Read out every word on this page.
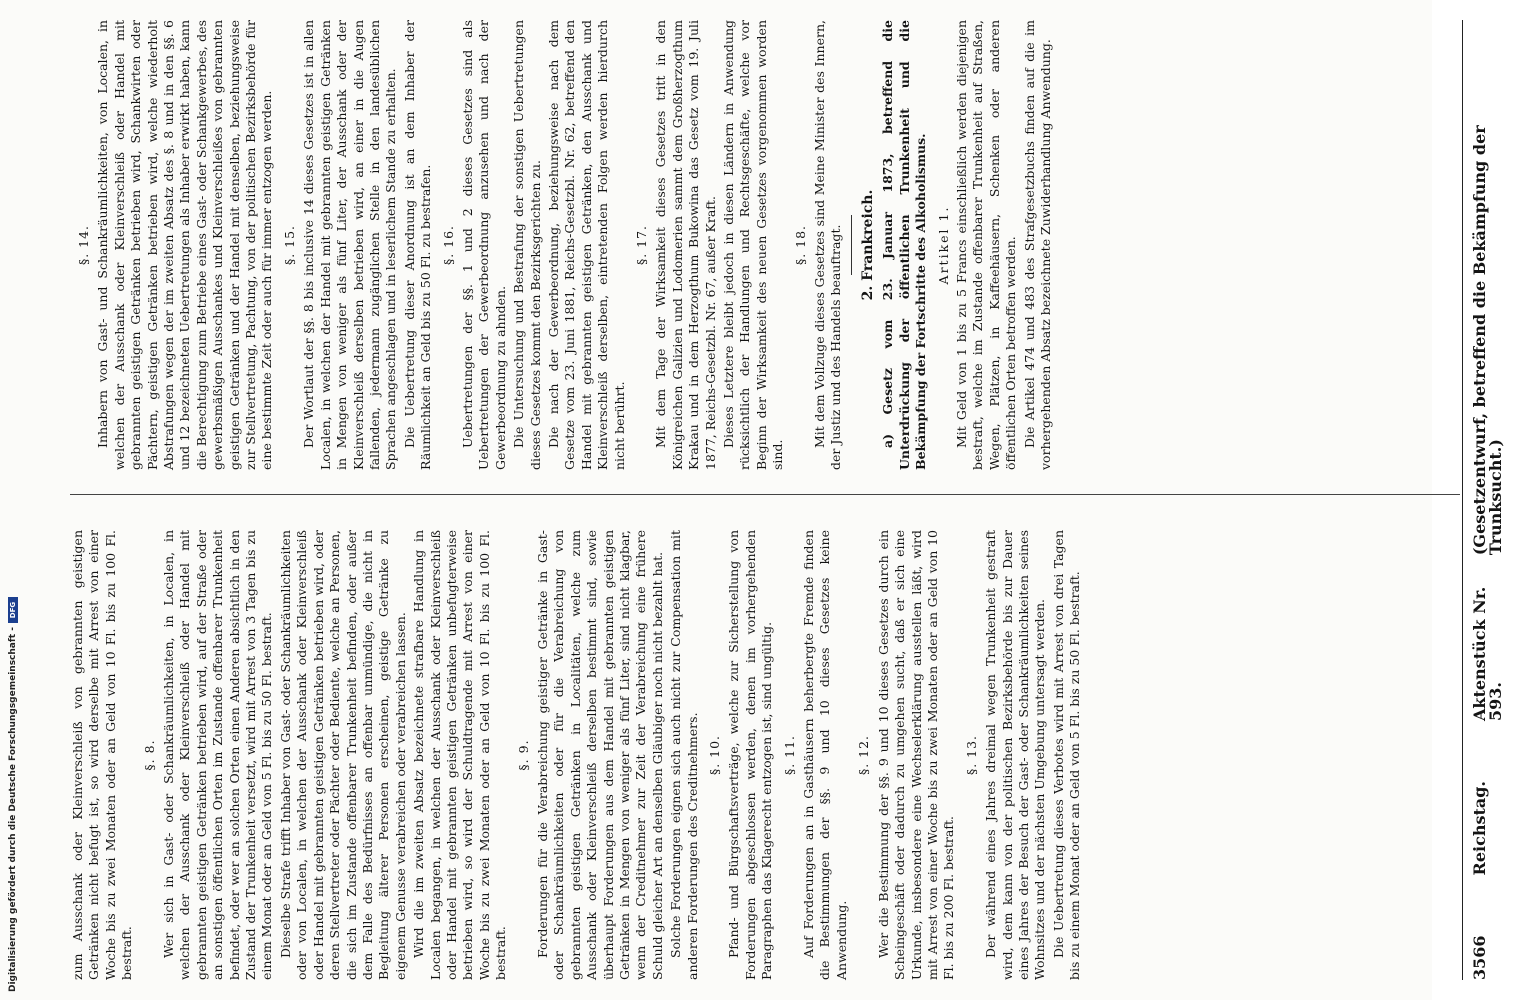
3566
Reichstag.
Aktenstück Nr. 593.
(Gesetzentwurf, betreffend die Bekämpfung der Trunksucht.)

zum Ausschank oder Kleinverschleiß von gebrannten geistigen Getränken nicht befugt ist, so wird derselbe mit Arrest von einer Woche bis zu zwei Monaten oder an Geld von 10 Fl. bis zu 100 Fl. bestraft.

§. 8. Wer sich in Gast- oder Schankräumlichkeiten, in Localen, in welchen der Ausschank oder Kleinverschleiß oder Handel mit gebrannten geistigen Getränken betrieben wird, auf der Straße oder an sonstigen öffentlichen Orten im Zustande offenbarer Trunkenheit befindet, oder wer an solchen Orten einen Anderen absichtlich in den Zustand der Trunkenheit versetzt, wird mit Arrest von 3 Tagen bis zu einem Monat oder an Geld von 5 Fl. bis zu 50 Fl. bestraft. Dieselbe Strafe trifft Inhaber von Gast- oder Schankräumlichkeiten oder von Localen, in welchen der Ausschank oder Kleinverschleiß oder Handel mit gebrannten geistigen Getränken betrieben wird, oder deren Stellvertreter oder Pächter oder Bediente, welche an Personen, die sich im Zustande offenbarer Trunkenheit befinden, oder außer dem Falle des Bedürfnisses an offenbar unmündige, die nicht in Begleitung älterer Personen erscheinen, geistige Getränke zu eigenem Genusse verabreichen oder verabreichen lassen. Wird die im zweiten Absatz bezeichnete strafbare Handlung in Localen begangen, in welchen der Ausschank oder Kleinverschleiß oder Handel mit gebrannten geistigen Getränken unbefugterweise betrieben wird, so wird der Schuldtragende mit Arrest von einer Woche bis zu zwei Monaten oder an Geld von 10 Fl. bis zu 100 Fl. bestraft.

§. 9. Forderungen für die Verabreichung geistiger Getränke in Gast- oder Schankräumlichkeiten oder für die Verabreichung von gebrannten geistigen Getränken in Localitäten, welche zum Ausschank oder Kleinverschleiß derselben bestimmt sind, sowie überhaupt Forderungen aus dem Handel mit gebrannten geistigen Getränken in Mengen von weniger als fünf Liter, sind nicht klagbar, wenn der Creditnehmer zur Zeit der Verabreichung eine frühere Schuld gleicher Art an denselben Gläubiger noch nicht bezahlt hat. Solche Forderungen eignen sich auch nicht zur Compensation mit anderen Forderungen des Creditnehmers. §. 10. Pfand- und Bürgschaftsverträge, welche zur Sicherstellung von Forderungen abgeschlossen werden, denen im vorhergehenden Paragraphen das Klagerecht entzogen ist, sind ungültig. §. 11. Auf Forderungen an in Gasthäusern beherbergte Fremde finden die Bestimmungen der §§. 9 und 10 dieses Gesetzes keine Anwendung.

§. 12. Wer die Bestimmung der §§. 9 und 10 dieses Gesetzes durch ein Scheingeschäft oder dadurch zu umgehen sucht, daß er sich eine Urkunde, insbesondere eine Wechselerklärung ausstellen läßt, wird mit Arrest von einer Woche bis zu zwei Monaten oder an Geld von 10 Fl. bis zu 200 Fl. bestraft.

§. 13. Der während eines Jahres dreimal wegen Trunkenheit gestraft wird, dem kann von der politischen Bezirksbehörde bis zur Dauer eines Jahres der Besuch der Gast- oder Schankräumlichkeiten seines Wohnsitzes und der nächsten Umgebung untersagt werden. Die Uebertretung dieses Verbotes wird mit Arrest von drei Tagen bis zu einem Monat oder an Geld von 5 Fl. bis zu 50 Fl. bestraft.

§. 14. Inhabern von Gast- und Schankräumlichkeiten, von Localen, in welchen der Ausschank oder Kleinverschleiß oder Handel mit gebrannten geistigen Getränken betrieben wird, Schankwirten oder Pächtern, geistigen Getränken betrieben wird, welche wiederholt Abstrafungen wegen der im zweiten Absatz des §. 8 und in den §§. 6 und 12 bezeichneten Uebertretungen als Inhaber erwirkt haben, kann die Berechtigung zum Betriebe eines Gast- oder Schankgewerbes, des gewerbsmäßigen Ausschankes und Kleinverschleißes von gebrannten geistigen Getränken und der Handel mit denselben, beziehungsweise zur Stellvertretung, Pachtung, von der politischen Bezirksbehörde für eine bestimmte Zeit oder auch für immer entzogen werden. §. 15. Der Wortlaut der §§. 8 bis inclusive 14 dieses Gesetzes ist in allen Localen, in welchen der Handel mit gebrannten geistigen Getränken in Mengen von weniger als fünf Liter, der Ausschank oder der Kleinverschleiß derselben betrieben wird, an einer in die Augen fallenden, jedermann zugänglichen Stelle in den landesüblichen Sprachen angeschlagen und in leserlichem Stande zu erhalten. Die Uebertretung dieser Anordnung ist an dem Inhaber der Räumlichkeit an Geld bis zu 50 Fl. zu bestrafen. §. 16. Uebertretungen der §§. 1 und 2 dieses Gesetzes sind als Uebertretungen der Gewerbeordnung anzusehen und nach der Gewerbeordnung zu ahnden. Die Untersuchung und Bestrafung der sonstigen Uebertretungen dieses Gesetzes kommt den Bezirksgerichten zu. Die nach der Gewerbeordnung, beziehungsweise nach dem Gesetze vom 23. Juni 1881, Reichs-Gesetzbl. Nr. 62, betreffend den Handel mit gebrannten geistigen Getränken, den Ausschank und Kleinverschleiß derselben, eintretenden Folgen werden hierdurch nicht berührt.

§. 17. Mit dem Tage der Wirksamkeit dieses Gesetzes tritt in den Königreichen Galizien und Lodomerien sammt dem Großherzogthum Krakau und in dem Herzogthum Bukowina das Gesetz vom 19. Juli 1877, Reichs-Gesetzbl. Nr. 67, außer Kraft. Dieses Letztere bleibt jedoch in diesen Ländern in Anwendung rücksichtlich der Handlungen und Rechtsgeschäfte, welche vor Beginn der Wirksamkeit des neuen Gesetzes vorgenommen worden sind.

§. 18. Mit dem Vollzuge dieses Gesetzes sind Meine Minister des Innern, der Justiz und des Handels beauftragt. 2. Frankreich. a) Gesetz vom 23. Januar 1873, betreffend die Unterdrückung der öffentlichen Trunkenheit und die Bekämpfung der Fortschritte des Alkoholismus. Artikel 1. Mit Geld von 1 bis zu 5 Francs einschließlich werden diejenigen bestraft, welche im Zustande offenbarer Trunkenheit auf Straßen, Wegen, Plätzen, in Kaffeehäusern, Schenken oder anderen öffentlichen Orten betroffen werden. Die Artikel 474 und 483 des Strafgesetzbuchs finden auf die im vorhergehenden Absatz bezeichnete Zuwiderhandlung Anwendung.

Digitalisierung gefördert durch die Deutsche Forschungsgemeinschaft -
DFG
